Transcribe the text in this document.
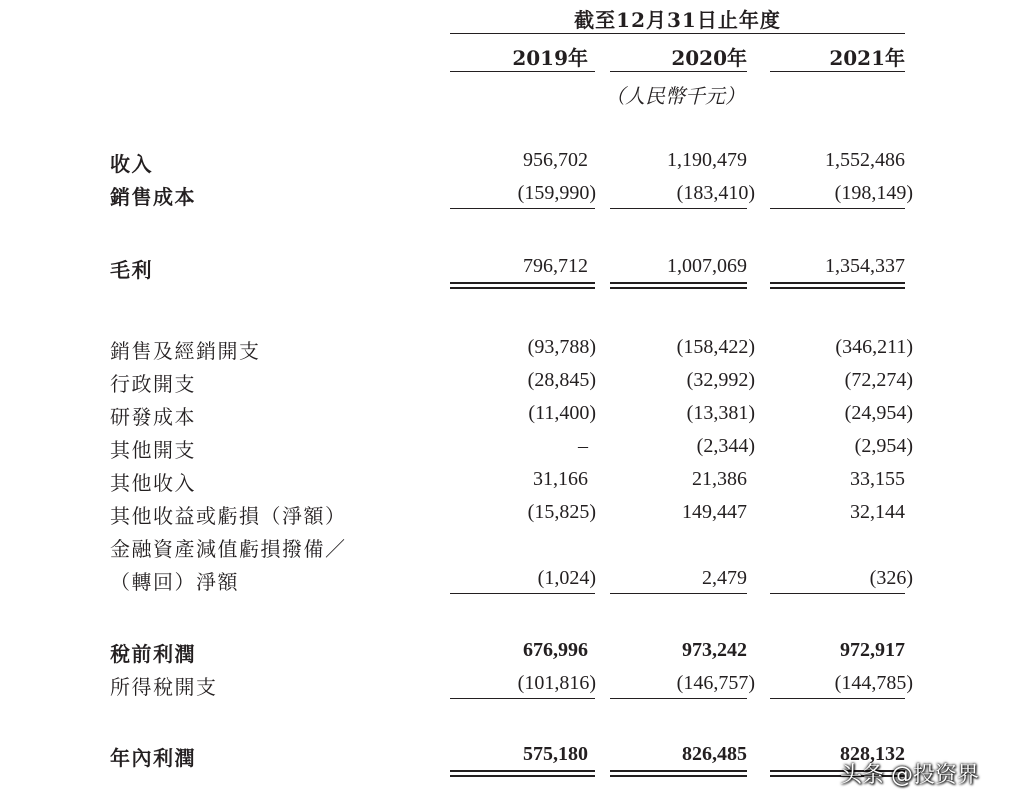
截至12月31日止年度
2019年	2020年	2021年
（人民幣千元）
收入	956,702	1,190,479	1,552,486
銷售成本	(159,990)	(183,410)	(198,149)
毛利	796,712	1,007,069	1,354,337
銷售及經銷開支	(93,788)	(158,422)	(346,211)
行政開支	(28,845)	(32,992)	(72,274)
研發成本	(11,400)	(13,381)	(24,954)
其他開支	–	(2,344)	(2,954)
其他收入	31,166	21,386	33,155
其他收益或虧損（淨額）	(15,825)	149,447	32,144
金融資產減值虧損撥備／
（轉回）淨額	(1,024)	2,479	(326)
稅前利潤	676,996	973,242	972,917
所得稅開支	(101,816)	(146,757)	(144,785)
年內利潤	575,180	826,485	828,132
头条 @投资界
